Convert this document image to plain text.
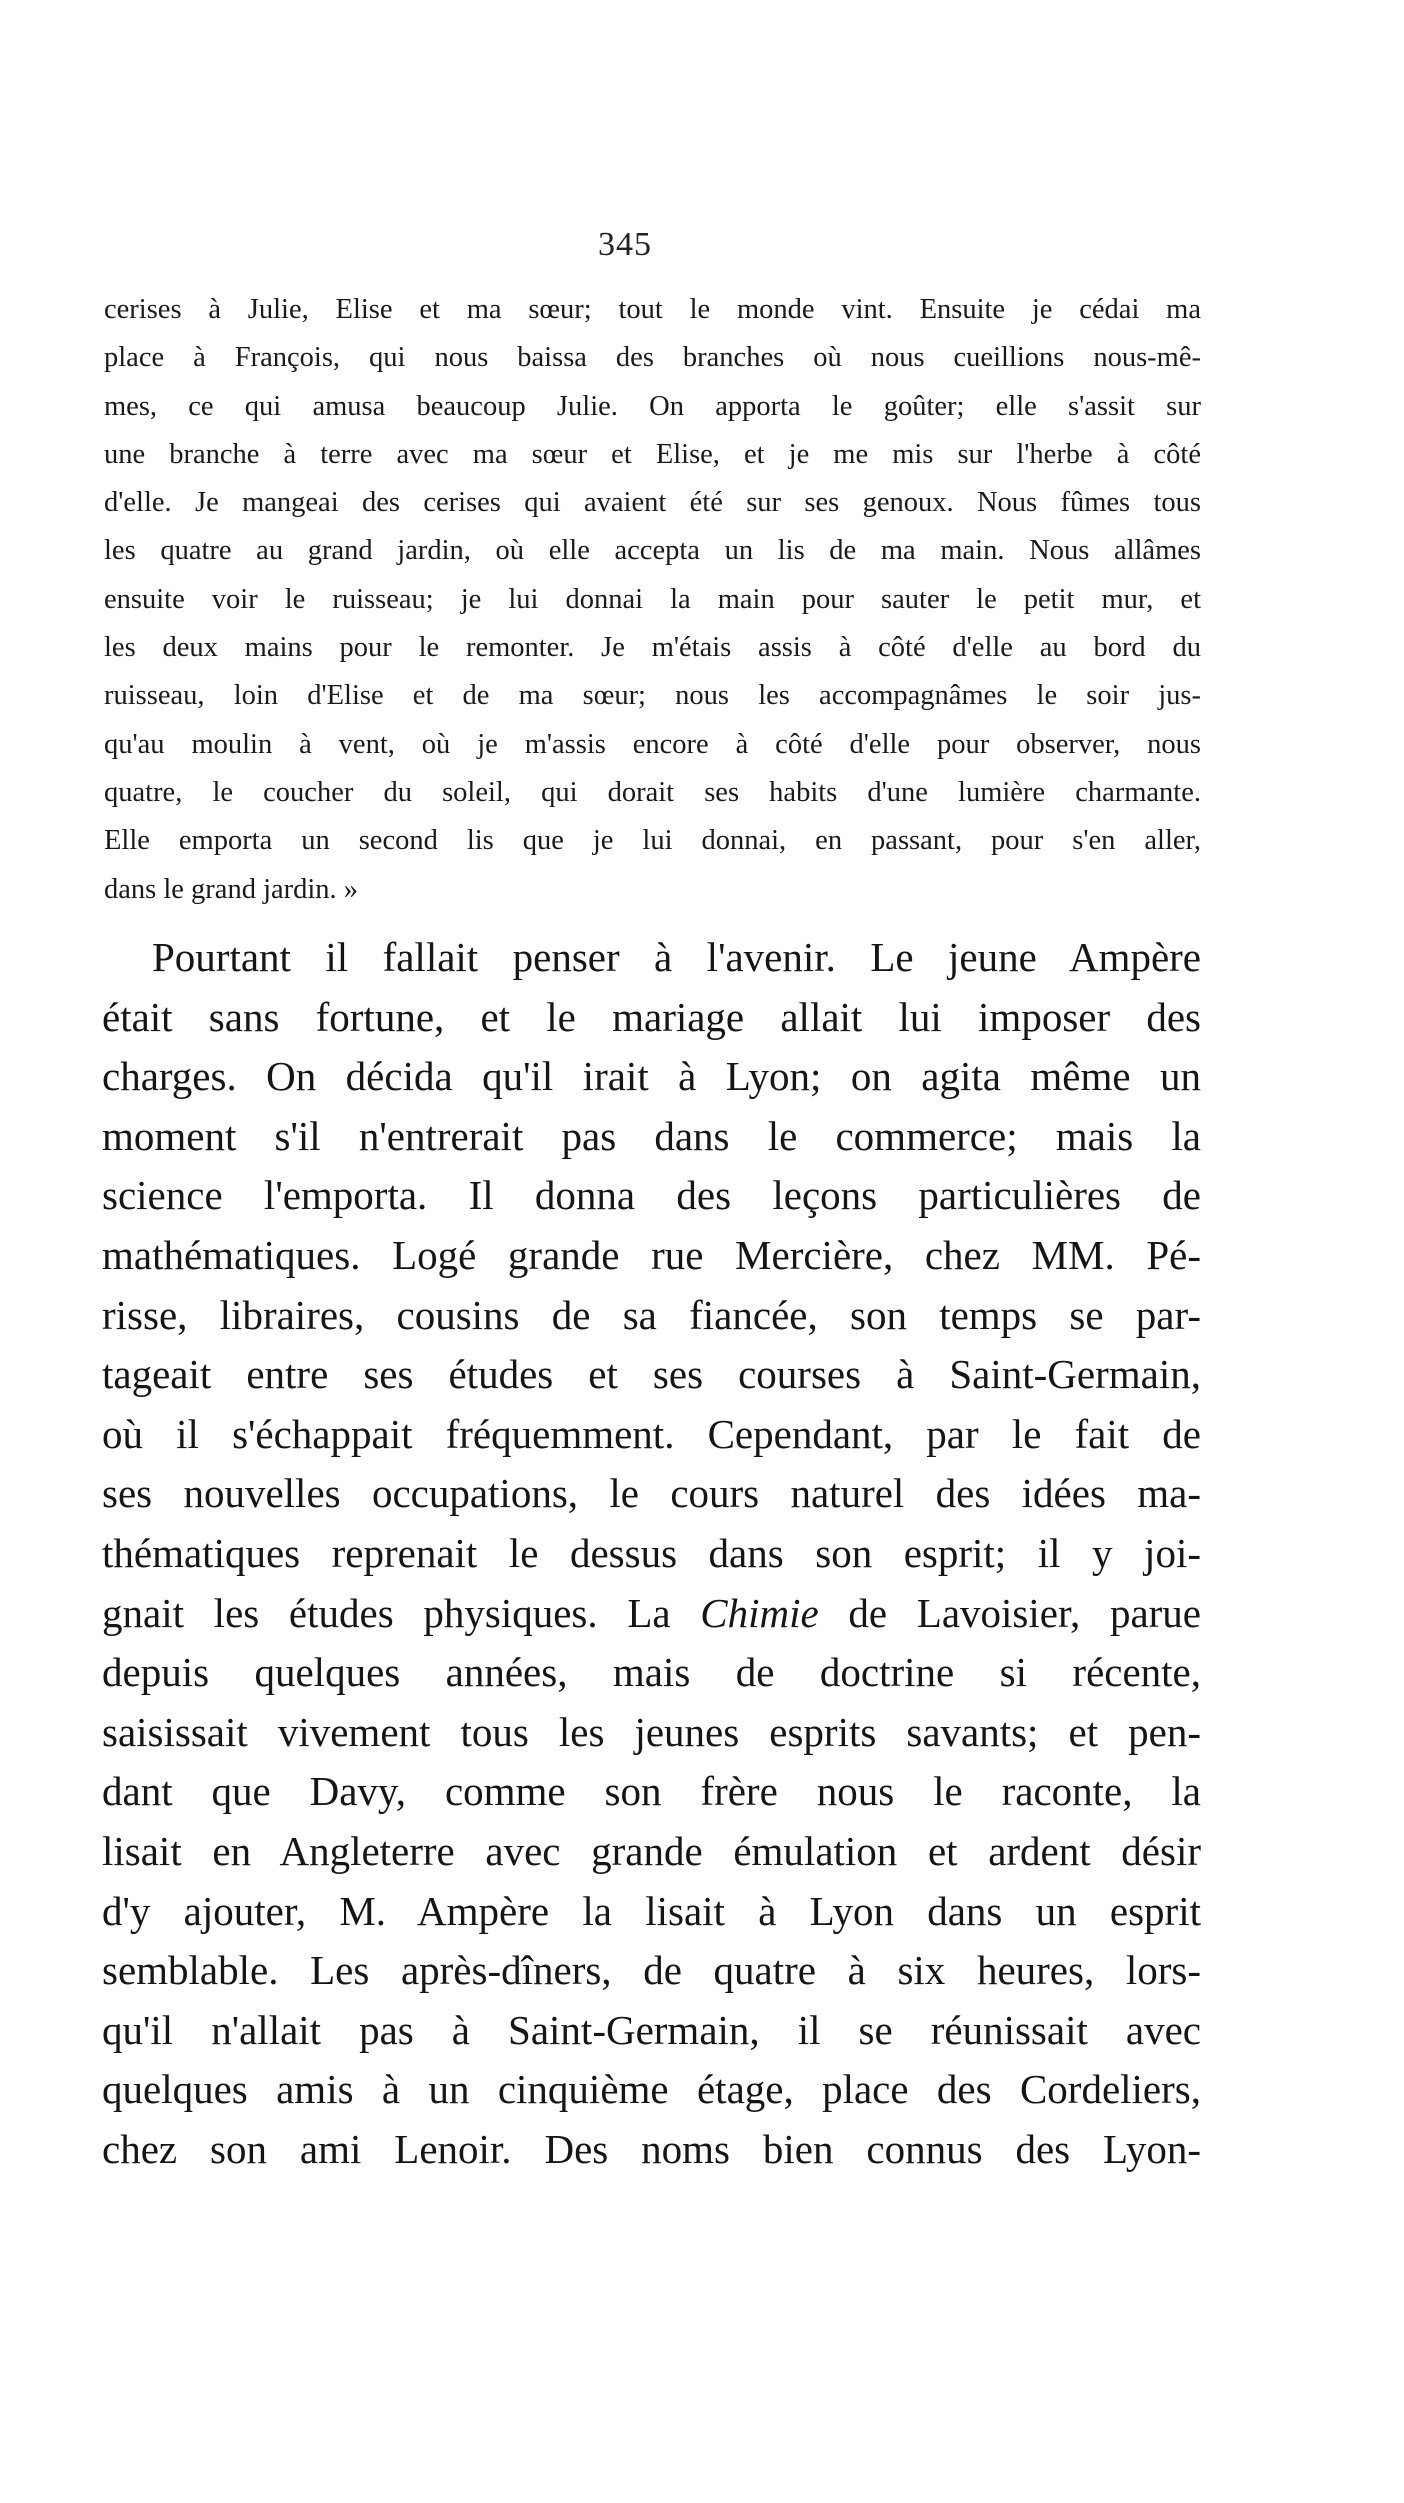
345
cerises à Julie, Elise et ma sœur; tout le monde vint. Ensuite je cédai ma
place à François, qui nous baissa des branches où nous cueillions nous-mê-
mes, ce qui amusa beaucoup Julie. On apporta le goûter; elle s'assit sur
une branche à terre avec ma sœur et Elise, et je me mis sur l'herbe à côté
d'elle. Je mangeai des cerises qui avaient été sur ses genoux. Nous fûmes tous
les quatre au grand jardin, où elle accepta un lis de ma main. Nous allâmes
ensuite voir le ruisseau; je lui donnai la main pour sauter le petit mur, et
les deux mains pour le remonter. Je m'étais assis à côté d'elle au bord du
ruisseau, loin d'Elise et de ma sœur; nous les accompagnâmes le soir jus-
qu'au moulin à vent, où je m'assis encore à côté d'elle pour observer, nous
quatre, le coucher du soleil, qui dorait ses habits d'une lumière charmante.
Elle emporta un second lis que je lui donnai, en passant, pour s'en aller,
dans le grand jardin. »
Pourtant il fallait penser à l'avenir. Le jeune Ampère
était sans fortune, et le mariage allait lui imposer des
charges. On décida qu'il irait à Lyon; on agita même un
moment s'il n'entrerait pas dans le commerce; mais la
science l'emporta. Il donna des leçons particulières de
mathématiques. Logé grande rue Mercière, chez MM. Pé-
risse, libraires, cousins de sa fiancée, son temps se par-
tageait entre ses études et ses courses à Saint-Germain,
où il s'échappait fréquemment. Cependant, par le fait de
ses nouvelles occupations, le cours naturel des idées ma-
thématiques reprenait le dessus dans son esprit; il y joi-
gnait les études physiques. La Chimie de Lavoisier, parue
depuis quelques années, mais de doctrine si récente,
saisissait vivement tous les jeunes esprits savants; et pen-
dant que Davy, comme son frère nous le raconte, la
lisait en Angleterre avec grande émulation et ardent désir
d'y ajouter, M. Ampère la lisait à Lyon dans un esprit
semblable. Les après-dîners, de quatre à six heures, lors-
qu'il n'allait pas à Saint-Germain, il se réunissait avec
quelques amis à un cinquième étage, place des Cordeliers,
chez son ami Lenoir. Des noms bien connus des Lyon-
